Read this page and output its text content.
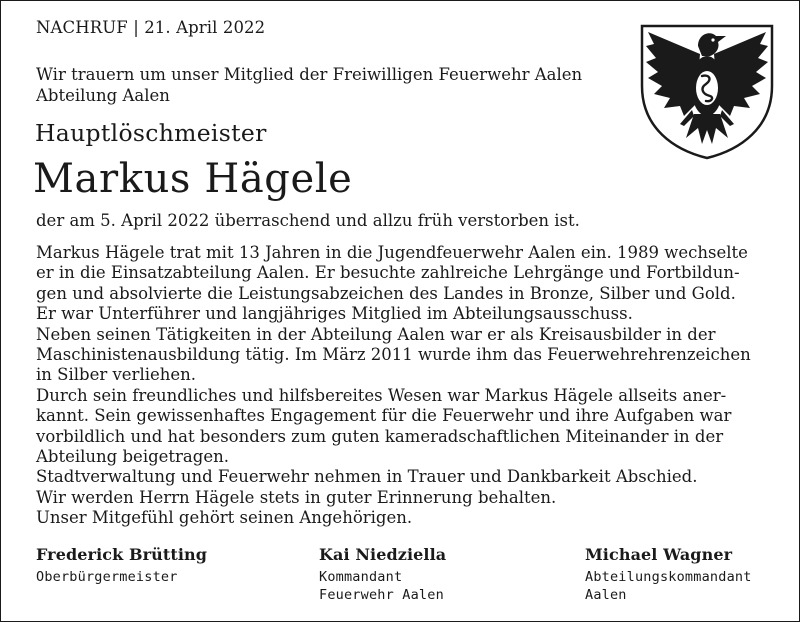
NACHRUF | 21. April 2022
Wir trauern um unser Mitglied der Freiwilligen Feuerwehr Aalen
Abteilung Aalen
Hauptlöschmeister
Markus Hägele
der am 5. April 2022 überraschend und allzu früh verstorben ist.
Markus Hägele trat mit 13 Jahren in die Jugendfeuerwehr Aalen ein. 1989 wechselte
er in die Einsatzabteilung Aalen. Er besuchte zahlreiche Lehrgänge und Fortbildun-
gen und absolvierte die Leistungsabzeichen des Landes in Bronze, Silber und Gold.
Er war Unterführer und langjähriges Mitglied im Abteilungsausschuss.
Neben seinen Tätigkeiten in der Abteilung Aalen war er als Kreisausbilder in der
Maschinistenausbildung tätig. Im März 2011 wurde ihm das Feuerwehrehrenzeichen
in Silber verliehen.
Durch sein freundliches und hilfsbereites Wesen war Markus Hägele allseits aner-
kannt. Sein gewissenhaftes Engagement für die Feuerwehr und ihre Aufgaben war
vorbildlich und hat besonders zum guten kameradschaftlichen Miteinander in der
Abteilung beigetragen.
Stadtverwaltung und Feuerwehr nehmen in Trauer und Dankbarkeit Abschied.
Wir werden Herrn Hägele stets in guter Erinnerung behalten.
Unser Mitgefühl gehört seinen Angehörigen.
Frederick Brütting
Oberbürgermeister
Kai Niedziella
Kommandant
Feuerwehr Aalen
Michael Wagner
Abteilungskommandant
Aalen
